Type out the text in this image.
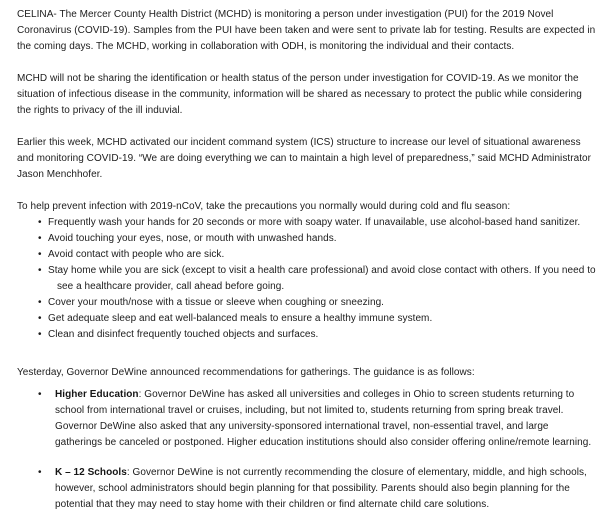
CELINA- The Mercer County Health District (MCHD) is monitoring a person under investigation (PUI) for the 2019 Novel Coronavirus (COVID-19). Samples from the PUI have been taken and were sent to private lab for testing. Results are expected in the coming days. The MCHD, working in collaboration with ODH, is monitoring the individual and their contacts.

MCHD will not be sharing the identification or health status of the person under investigation for COVID-19. As we monitor the situation of infectious disease in the community, information will be shared as necessary to protect the public while considering the rights to privacy of the ill induvial.

Earlier this week, MCHD activated our incident command system (ICS) structure to increase our level of situational awareness and monitoring COVID-19. “We are doing everything we can to maintain a high level of preparedness,” said MCHD Administrator Jason Menchhofer.

To help prevent infection with 2019-nCoV, take the precautions you normally would during cold and flu season:

• Frequently wash your hands for 20 seconds or more with soapy water. If unavailable, use alcohol-based hand sanitizer.
• Avoid touching your eyes, nose, or mouth with unwashed hands.
• Avoid contact with people who are sick.
• Stay home while you are sick (except to visit a health care professional) and avoid close contact with others. If you need to see a healthcare provider, call ahead before going.
• Cover your mouth/nose with a tissue or sleeve when coughing or sneezing.
• Get adequate sleep and eat well-balanced meals to ensure a healthy immune system.
• Clean and disinfect frequently touched objects and surfaces.

Yesterday, Governor DeWine announced recommendations for gatherings. The guidance is as follows:

• Higher Education: Governor DeWine has asked all universities and colleges in Ohio to screen students returning to school from international travel or cruises, including, but not limited to, students returning from spring break travel. Governor DeWine also asked that any university-sponsored international travel, non-essential travel, and large gatherings be canceled or postponed. Higher education institutions should also consider offering online/remote learning.
• K – 12 Schools: Governor DeWine is not currently recommending the closure of elementary, middle, and high schools, however, school administrators should begin planning for that possibility. Parents should also begin planning for the potential that they may need to stay home with their children or find alternate child care solutions.
